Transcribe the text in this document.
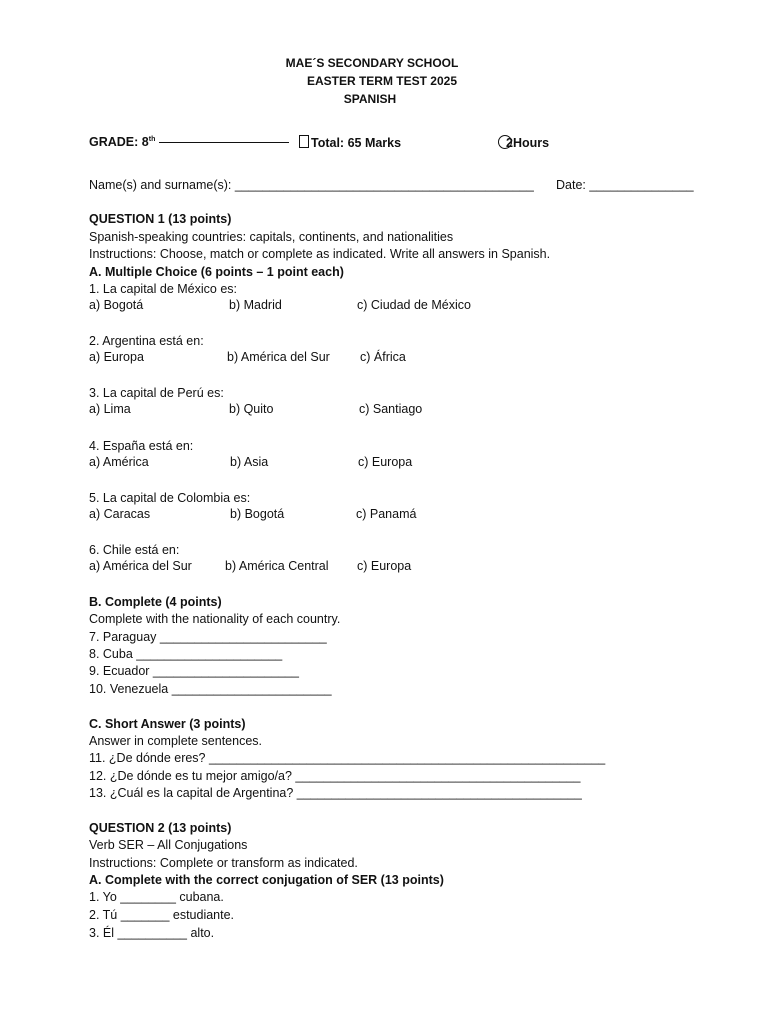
MAE´S SECONDARY SCHOOL
EASTER TERM TEST 2025
SPANISH
GRADE: 8th	Total: 65 Marks	2Hours
Name(s) and surname(s): ___________________________________________ Date: _______________
QUESTION 1 (13 points)
Spanish-speaking countries: capitals, continents, and nationalities
Instructions: Choose, match or complete as indicated. Write all answers in Spanish.
A. Multiple Choice (6 points – 1 point each)
1. La capital de México es:
a) Bogotá	b) Madrid	c) Ciudad de México
2. Argentina está en:
a) Europa	b) América del Sur c) África
3. La capital de Perú es:
a) Lima	b) Quito	c) Santiago
4. España está en:
a) América	b) Asia	c) Europa
5. La capital de Colombia es:
a) Caracas	b) Bogotá	c) Panamá
6. Chile está en:
a) América del Sur	b) América Central c) Europa
B. Complete (4 points)
Complete with the nationality of each country.
7. Paraguay ________________________
8. Cuba _____________________
9. Ecuador _____________________
10. Venezuela _______________________
C. Short Answer (3 points)
Answer in complete sentences.
11. ¿De dónde eres? _________________________________________________________
12. ¿De dónde es tu mejor amigo/a? _________________________________________
13. ¿Cuál es la capital de Argentina? _________________________________________
QUESTION 2 (13 points)
Verb SER – All Conjugations
Instructions: Complete or transform as indicated.
A. Complete with the correct conjugation of SER (13 points)
1. Yo ________ cubana.
2. Tú _______ estudiante.
3. Él __________ alto.
